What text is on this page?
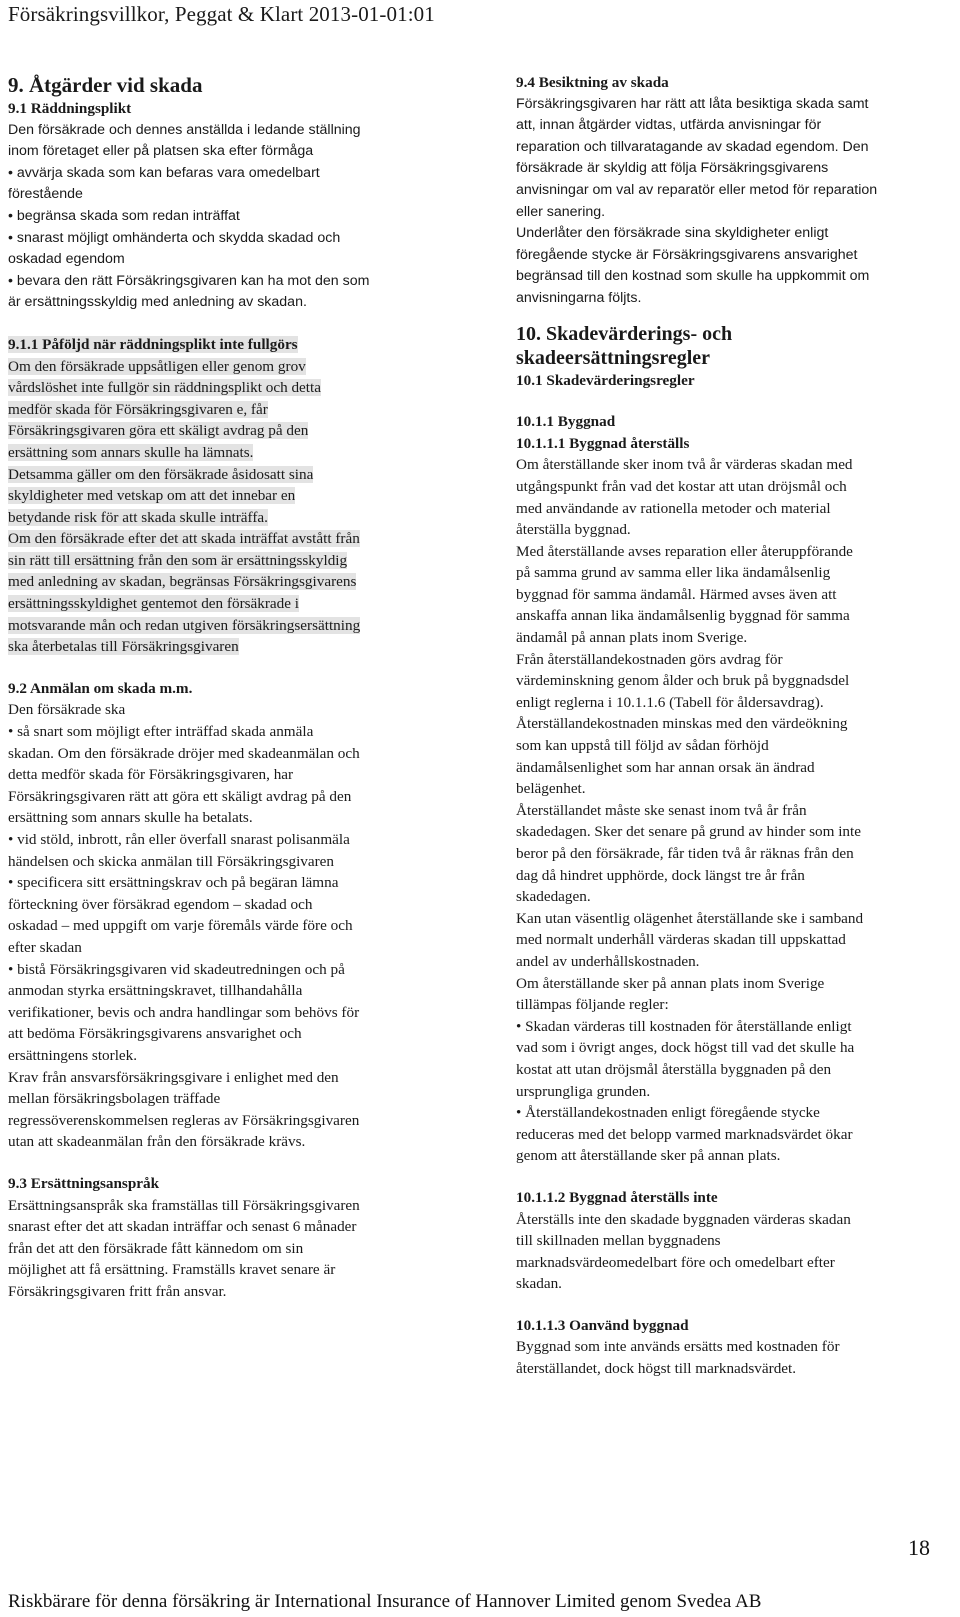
Försäkringsvillkor, Peggat & Klart 2013-01-01:01
9. Åtgärder vid skada

9.1 Räddningsplikt

Den försäkrade och dennes anställda i ledande ställning
inom företaget eller på platsen ska efter förmåga
• avvärja skada som kan befaras vara omedelbart
förestående
• begränsa skada som redan inträffat
• snarast möjligt omhänderta och skydda skadad och
oskadad egendom
• bevara den rätt Försäkringsgivaren kan ha mot den som
är ersättningsskyldig med anledning av skadan.

9.1.1 Påföljd när räddningsplikt inte fullgörs

Om den försäkrade uppsåtligen eller genom grov
vårdslöshet inte fullgör sin räddningsplikt och detta
medför skada för Försäkringsgivaren e, får
Försäkringsgivaren göra ett skäligt avdrag på den
ersättning som annars skulle ha lämnats.
Detsamma gäller om den försäkrade åsidosatt sina
skyldigheter med vetskap om att det innebar en
betydande risk för att skada skulle inträffa.
Om den försäkrade efter det att skada inträffat avstått från
sin rätt till ersättning från den som är ersättningsskyldig
med anledning av skadan, begränsas Försäkringsgivarens
ersättningsskyldighet gentemot den försäkrade i
motsvarande mån och redan utgiven försäkringsersättning
ska återbetalas till Försäkringsgivaren

9.2 Anmälan om skada m.m.

Den försäkrade ska
• så snart som möjligt efter inträffad skada anmäla
skadan. Om den försäkrade dröjer med skadeanmälan och
detta medför skada för Försäkringsgivaren, har
Försäkringsgivaren rätt att göra ett skäligt avdrag på den
ersättning som annars skulle ha betalats.
• vid stöld, inbrott, rån eller överfall snarast polisanmäla
händelsen och skicka anmälan till Försäkringsgivaren
• specificera sitt ersättningskrav och på begäran lämna
förteckning över försäkrad egendom – skadad och
oskadad – med uppgift om varje föremåls värde före och
efter skadan
• bistå Försäkringsgivaren vid skadeutredningen och på
anmodan styrka ersättningskravet, tillhandahålla
verifikationer, bevis och andra handlingar som behövs för
att bedöma Försäkringsgivarens ansvarighet och
ersättningens storlek.
Krav från ansvarsförsäkringsgivare i enlighet med den
mellan försäkringsbolagen träffade
regressöverenskommelsen regleras av Försäkringsgivaren
utan att skadeanmälan från den försäkrade krävs.

9.3 Ersättningsanspråk

Ersättningsanspråk ska framställas till Försäkringsgivaren
snarast efter det att skadan inträffar och senast 6 månader
från det att den försäkrade fått kännedom om sin
möjlighet att få ersättning. Framställs kravet senare är
Försäkringsgivaren fritt från ansvar.

9.4 Besiktning av skada

Försäkringsgivaren har rätt att låta besiktiga skada samt
att, innan åtgärder vidtas, utfärda anvisningar för
reparation och tillvaratagande av skadad egendom. Den
försäkrade är skyldig att följa Försäkringsgivarens
anvisningar om val av reparatör eller metod för reparation
eller sanering.
Underlåter den försäkrade sina skyldigheter enligt
föregående stycke är Försäkringsgivarens ansvarighet
begränsad till den kostnad som skulle ha uppkommit om
anvisningarna följts.

10. Skadevärderings- och

skadeersättningsregler

10.1 Skadevärderingsregler

10.1.1 Byggnad

10.1.1.1 Byggnad återställs

Om återställande sker inom två år värderas skadan med
utgångspunkt från vad det kostar att utan dröjsmål och
med användande av rationella metoder och material
återställa byggnad.
Med återställande avses reparation eller återuppförande
på samma grund av samma eller lika ändamålsenlig
byggnad för samma ändamål. Härmed avses även att
anskaffa annan lika ändamålsenlig byggnad för samma
ändamål på annan plats inom Sverige.
Från återställandekostnaden görs avdrag för
värdeminskning genom ålder och bruk på byggnadsdel
enligt reglerna i 10.1.1.6 (Tabell för åldersavdrag).
Återställandekostnaden minskas med den värdeökning
som kan uppstå till följd av sådan förhöjd
ändamålsenlighet som har annan orsak än ändrad
belägenhet.
Återställandet måste ske senast inom två år från
skadedagen. Sker det senare på grund av hinder som inte
beror på den försäkrade, får tiden två år räknas från den
dag då hindret upphörde, dock längst tre år från
skadedagen.
Kan utan väsentlig olägenhet återställande ske i samband
med normalt underhåll värderas skadan till uppskattad
andel av underhållskostnaden.
Om återställande sker på annan plats inom Sverige
tillämpas följande regler:
• Skadan värderas till kostnaden för återställande enligt
vad som i övrigt anges, dock högst till vad det skulle ha
kostat att utan dröjsmål återställa byggnaden på den
ursprungliga grunden.
• Återställandekostnaden enligt föregående stycke
reduceras med det belopp varmed marknadsvärdet ökar
genom att återställande sker på annan plats.

10.1.1.2 Byggnad återställs inte

Återställs inte den skadade byggnaden värderas skadan
till skillnaden mellan byggnadens
marknadsvärdeomedelbart före och omedelbart efter
skadan.

10.1.1.3 Oanvänd byggnad

Byggnad som inte används ersätts med kostnaden för
återställandet, dock högst till marknadsvärdet.
18
Riskbärare för denna försäkring är International Insurance of Hannover Limited genom Svedea AB
